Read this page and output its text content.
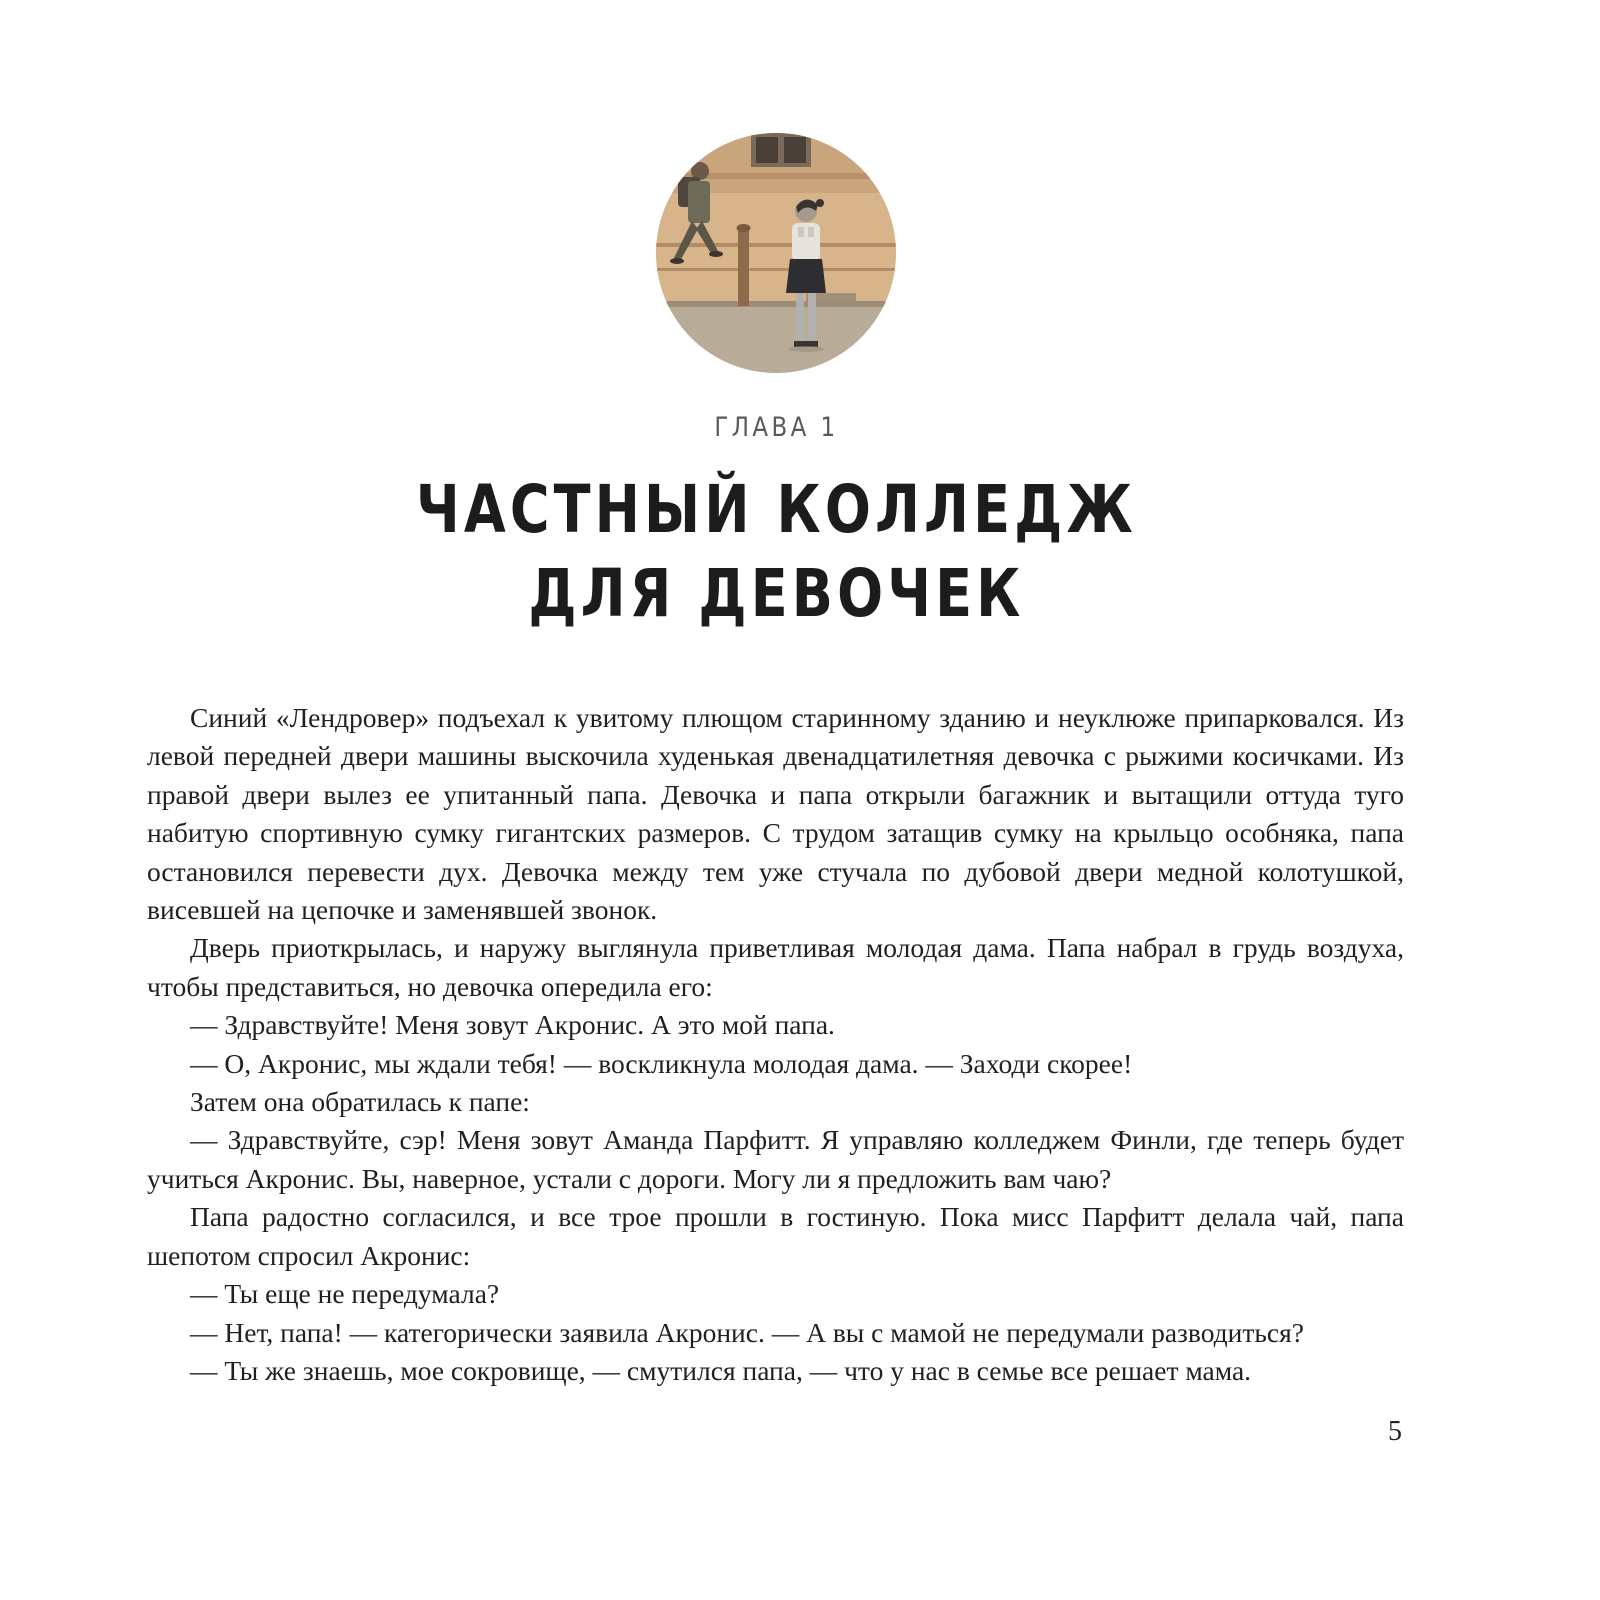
ГЛАВА 1
ЧАСТНЫЙ КОЛЛЕДЖ
ДЛЯ ДЕВОЧЕК

Синий «Лендровер» подъехал к увитому плющом старинному зданию и неуклюже припарковался. Из левой передней двери машины выскочила худенькая двенадцатилетняя девочка с рыжими косичками. Из правой двери вылез ее упитанный папа. Девочка и папа открыли багажник и вытащили оттуда туго набитую спортивную сумку гигантских размеров. С трудом затащив сумку на крыльцо особняка, папа остановился перевести дух. Девочка между тем уже стучала по дубовой двери медной колотушкой, висевшей на цепочке и заменявшей звонок.

Дверь приоткрылась, и наружу выглянула приветливая молодая дама. Папа набрал в грудь воздуха, чтобы представиться, но девочка опередила его:

— Здравствуйте! Меня зовут Акронис. А это мой папа.

— О, Акронис, мы ждали тебя! — воскликнула молодая дама. — Заходи скорее!

Затем она обратилась к папе:

— Здравствуйте, сэр! Меня зовут Аманда Парфитт. Я управляю колледжем Финли, где теперь будет учиться Акронис. Вы, наверное, устали с дороги. Могу ли я предложить вам чаю?

Папа радостно согласился, и все трое прошли в гостиную. Пока мисс Парфитт делала чай, папа шепотом спросил Акронис:

— Ты еще не передумала?

— Нет, папа! — категорически заявила Акронис. — А вы с мамой не передумали разводиться?

— Ты же знаешь, мое сокровище, — смутился папа, — что у нас в семье все решает мама.

5
